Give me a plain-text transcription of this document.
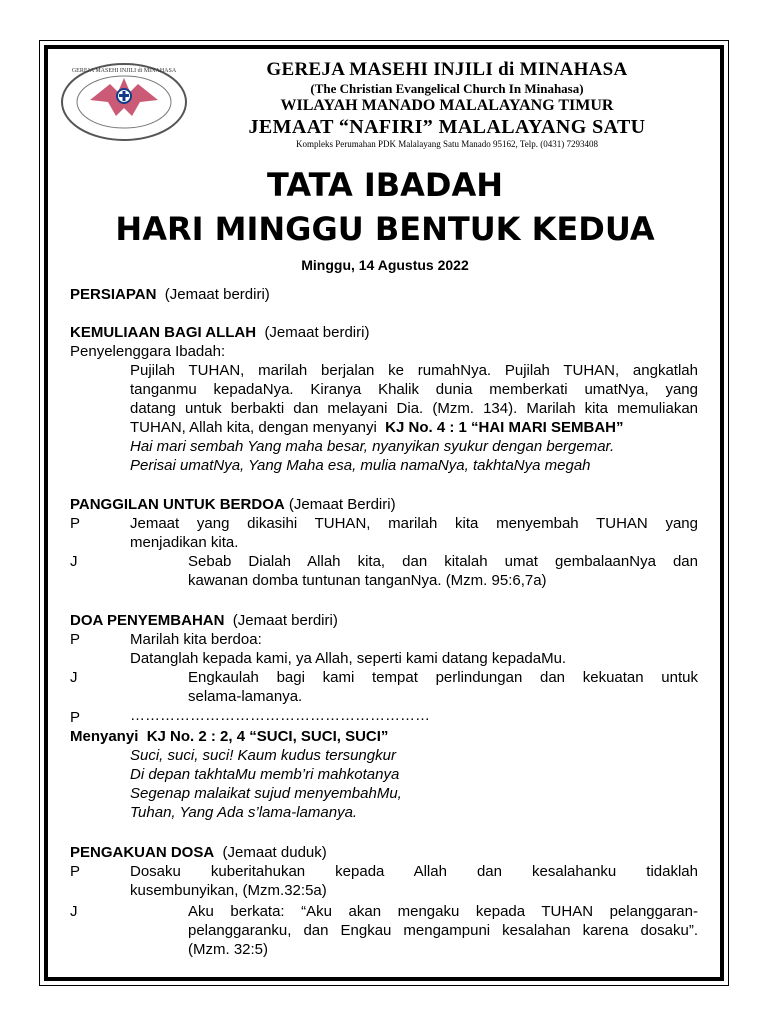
GEREJA MASEHI INJILI di MINAHASA	GEREJA MASEHI INJILI di MINAHASA
(The Christian Evangelical Church In Minahasa)
WILAYAH MANADO MALALAYANG TIMUR
JEMAAT “NAFIRI” MALALAYANG SATU
Kompleks Perumahan PDK Malalayang Satu Manado 95162, Telp. (0431) 7293408
TATA IBADAH
HARI MINGGU BENTUK KEDUA
Minggu, 14 Agustus 2022
PERSIAPAN (Jemaat berdiri)
KEMULIAAN BAGI ALLAH (Jemaat berdiri)
Penyelenggara Ibadah:
Pujilah TUHAN, marilah berjalan ke rumahNya. Pujilah TUHAN, angkatlah
tanganmu kepadaNya. Kiranya Khalik dunia memberkati umatNya, yang
datang untuk berbakti dan melayani Dia. (Mzm. 134). Marilah kita memuliakan
TUHAN, Allah kita, dengan menyanyi KJ No. 4 : 1 “HAI MARI SEMBAH”
Hai mari sembah Yang maha besar, nyanyikan syukur dengan bergemar.
Perisai umatNya, Yang Maha esa, mulia namaNya, takhtaNya megah
PANGGILAN UNTUK BERDOA (Jemaat Berdiri)
P	Jemaat yang dikasihi TUHAN, marilah kita menyembah TUHAN yang
menjadikan kita.
J	Sebab Dialah Allah kita, dan kitalah umat gembalaanNya dan
kawanan domba tuntunan tanganNya. (Mzm. 95:6,7a)
DOA PENYEMBAHAN (Jemaat berdiri)
P	Marilah kita berdoa:
Datanglah kepada kami, ya Allah, seperti kami datang kepadaMu.
J	Engkaulah bagi kami tempat perlindungan dan kekuatan untuk
selama-lamanya.
P	……………………………………………………
Menyanyi KJ No. 2 : 2, 4 “SUCI, SUCI, SUCI”
Suci, suci, suci! Kaum kudus tersungkur
Di depan takhtaMu memb’ri mahkotanya
Segenap malaikat sujud menyembahMu,
Tuhan, Yang Ada s’lama-lamanya.
PENGAKUAN DOSA (Jemaat duduk)
P	Dosaku kuberitahukan kepada Allah dan kesalahanku tidaklah
kusembunyikan, (Mzm.32:5a)
J	Aku berkata: “Aku akan mengaku kepada TUHAN pelanggaran-
pelanggaranku, dan Engkau mengampuni kesalahan karena dosaku”.
(Mzm. 32:5)
